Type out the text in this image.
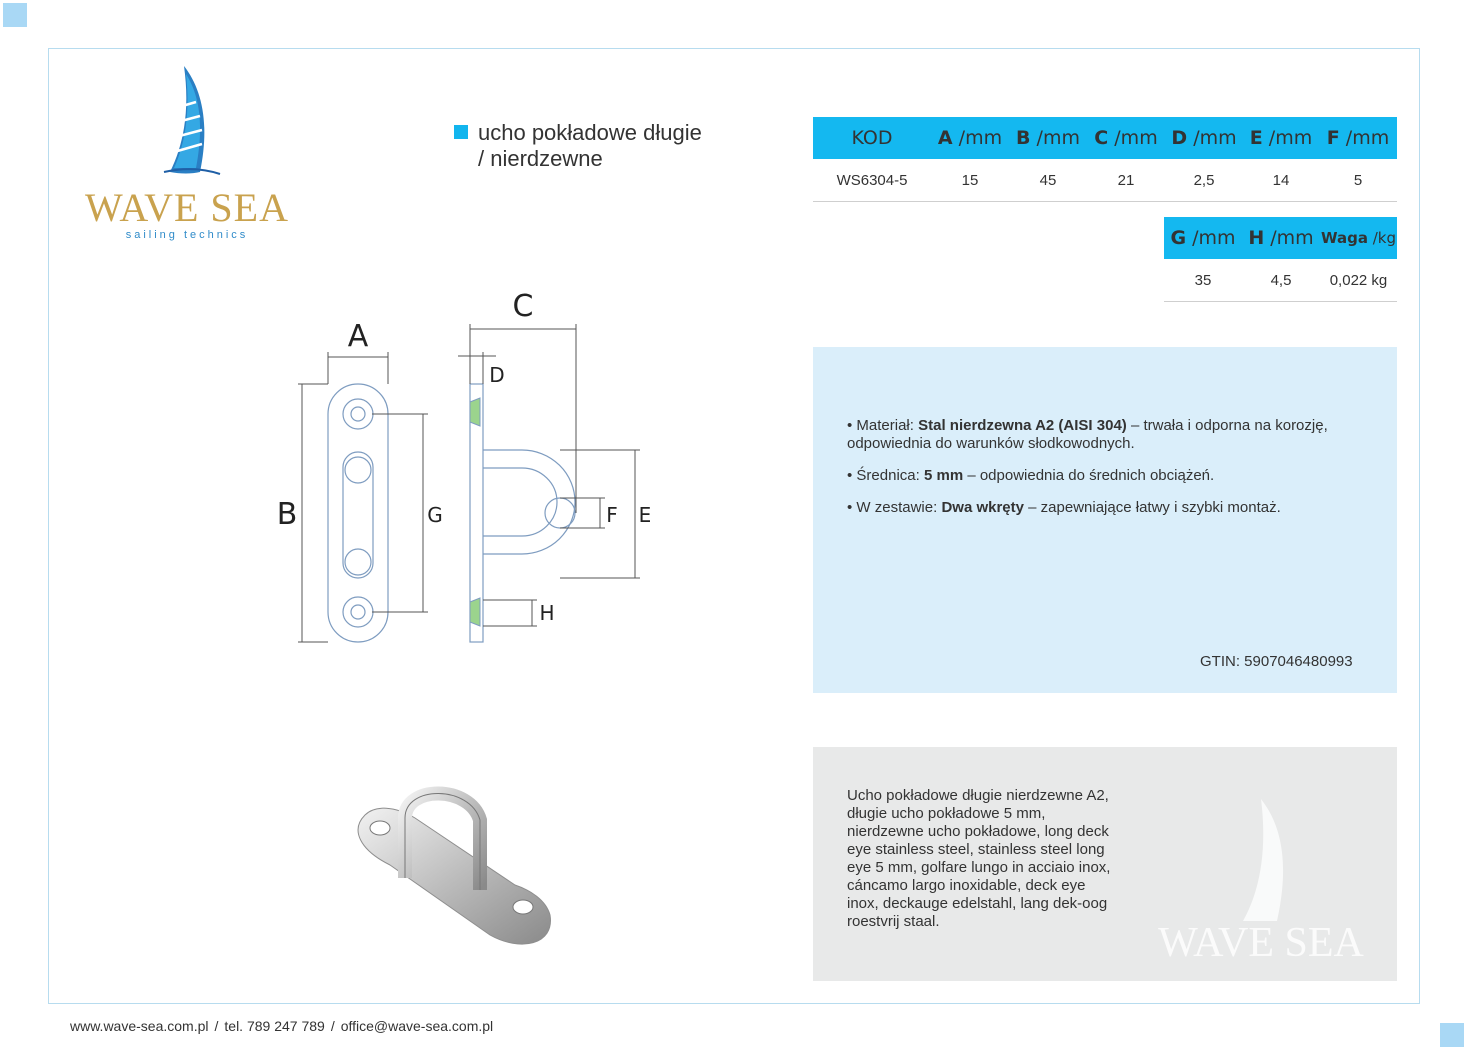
WAVE SEA
sailing technics
ucho pokładowe długie
/ nierdzewne
KOD	A /mm	B /mm	C /mm	D /mm	E /mm	F /mm
WS6304-5	15	45	21	2,5	14	5
G /mm	H /mm	Waga /kg
35	4,5	0,022 kg
A
B
C
D
E
F
G
H

• Materiał: Stal nierdzewna A2 (AISI 304) – trwała i odporna na korozję, odpowiednia do warunków słodkowodnych.

• Średnica: 5 mm – odpowiednia do średnich obciążeń.

• W zestawie: Dwa wkręty – zapewniające łatwy i szybki montaż.

GTIN: 5907046480993
Ucho pokładowe długie nierdzewne A2, długie ucho pokładowe 5 mm, nierdzewne ucho pokładowe, long deck eye stainless steel, stainless steel long eye 5 mm, golfare lungo in acciaio inox, cáncamo largo inoxidable, deck eye inox, deckauge edelstahl, lang dek-oog roestvrij staal.	WAVE SEA
www.wave-sea.com.pl / tel. 789 247 789 / office@wave-sea.com.pl
